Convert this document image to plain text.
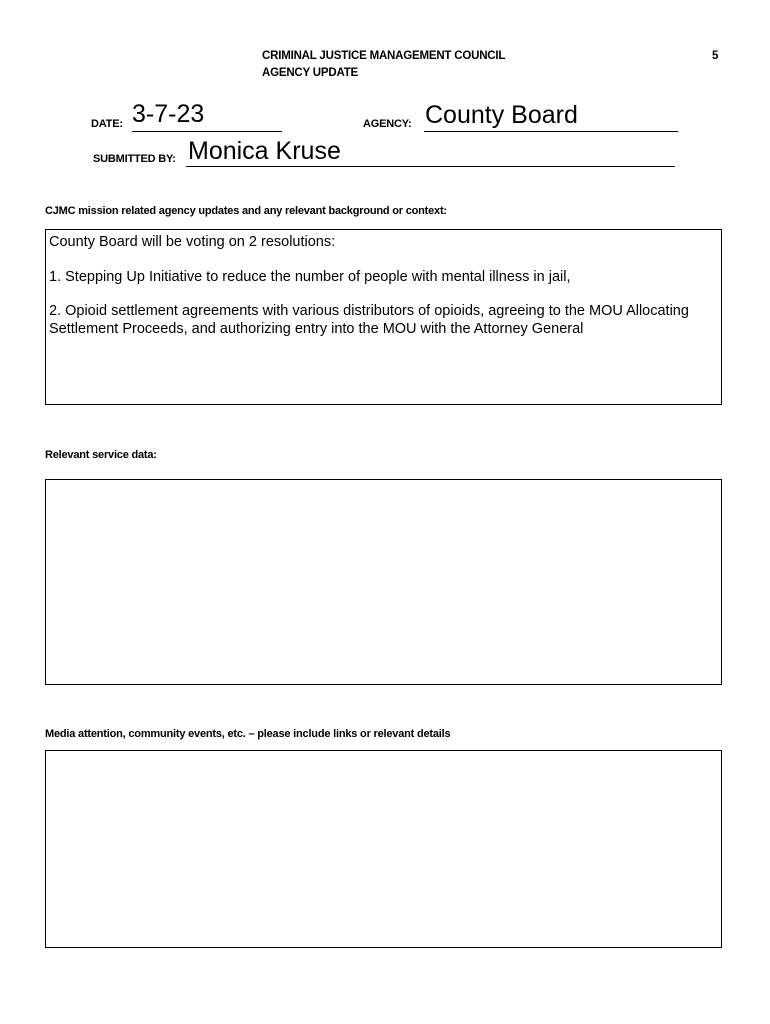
CRIMINAL JUSTICE MANAGEMENT COUNCIL
AGENCY UPDATE
5
DATE: 3-7-23	AGENCY: County Board
SUBMITTED BY: Monica Kruse
CJMC mission related agency updates and any relevant background or context:

County Board will be voting on 2 resolutions:

1. Stepping Up Initiative to reduce the number of people with mental illness in jail,

2. Opioid settlement agreements with various distributors of opioids, agreeing to the MOU Allocating Settlement Proceeds, and authorizing entry into the MOU with the Attorney General

Relevant service data:
Media attention, community events, etc. – please include links or relevant details
